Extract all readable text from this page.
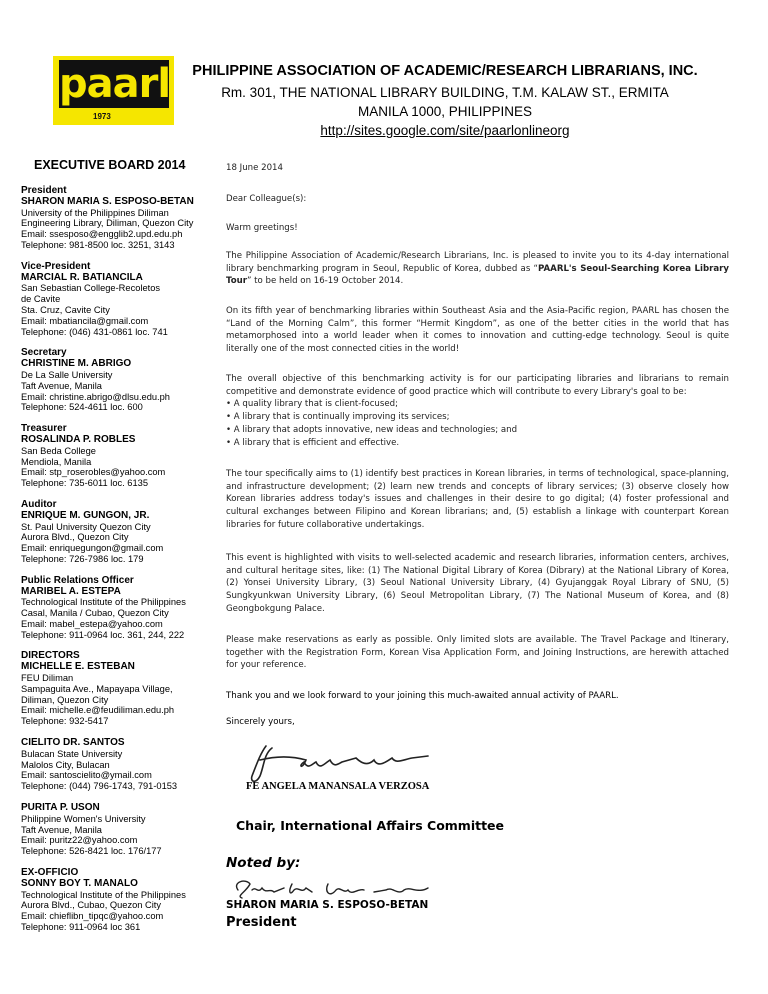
paarl
1973
PHILIPPINE ASSOCIATION OF ACADEMIC/RESEARCH LIBRARIANS, INC.
Rm. 301, THE NATIONAL LIBRARY BUILDING, T.M. KALAW ST., ERMITA
MANILA 1000, PHILIPPINES
http://sites.google.com/site/paarlonlineorg
EXECUTIVE BOARD 2014
President
SHARON MARIA S. ESPOSO-BETAN
University of the Philippines Diliman
Engineering Library, Diliman, Quezon City
Email: ssesposo@engglib2.upd.edu.ph
Telephone: 981-8500 loc. 3251, 3143
Vice-President
MARCIAL R. BATIANCILA
San Sebastian College-Recoletos
de Cavite
Sta. Cruz, Cavite City
Email: mbatiancila@gmail.com
Telephone: (046) 431-0861 loc. 741
Secretary
CHRISTINE M. ABRIGO
De La Salle University
Taft Avenue, Manila
Email: christine.abrigo@dlsu.edu.ph
Telephone: 524-4611 loc. 600
Treasurer
ROSALINDA P. ROBLES
San Beda College
Mendiola, Manila
Email: stp_roserobles@yahoo.com
Telephone: 735-6011 loc. 6135
Auditor
ENRIQUE M. GUNGON, JR.
St. Paul University Quezon City
Aurora Blvd., Quezon City
Email: enriquegungon@gmail.com
Telephone: 726-7986 loc. 179
Public Relations Officer
MARIBEL A. ESTEPA
Technological Institute of the Philippines
Casal, Manila / Cubao, Quezon City
Email: mabel_estepa@yahoo.com
Telephone: 911-0964 loc. 361, 244, 222
DIRECTORS
MICHELLE E. ESTEBAN
FEU Diliman
Sampaguita Ave., Mapayapa Village,
Diliman, Quezon City
Email: michelle.e@feudiliman.edu.ph
Telephone: 932-5417
CIELITO DR. SANTOS
Bulacan State University
Malolos City, Bulacan
Email: santoscielito@ymail.com
Telephone: (044) 796-1743, 791-0153
PURITA P. USON
Philippine Women's University
Taft Avenue, Manila
Email: puritz22@yahoo.com
Telephone: 526-8421 loc. 176/177
EX-OFFICIO
SONNY BOY T. MANALO
Technological Institute of the Philippines
Aurora Blvd., Cubao, Quezon City
Email: chieflibn_tipqc@yahoo.com
Telephone: 911-0964 loc 361
18 June 2014
Dear Colleague(s):
Warm greetings!
The Philippine Association of Academic/Research Librarians, Inc. is pleased to invite you to its 4-day international library benchmarking program in Seoul, Republic of Korea, dubbed as “PAARL's Seoul-Searching Korea Library Tour” to be held on 16-19 October 2014.
On its fifth year of benchmarking libraries within Southeast Asia and the Asia-Pacific region, PAARL has chosen the “Land of the Morning Calm”, this former “Hermit Kingdom”, as one of the better cities in the world that has metamorphosed into a world leader when it comes to innovation and cutting-edge technology. Seoul is quite literally one of the most connected cities in the world!
The overall objective of this benchmarking activity is for our participating libraries and librarians to remain competitive and demonstrate evidence of good practice which will contribute to every Library's goal to be:
• A quality library that is client-focused;
• A library that is continually improving its services;
• A library that adopts innovative, new ideas and technologies; and
• A library that is efficient and effective.
The tour specifically aims to (1) identify best practices in Korean libraries, in terms of technological, space-planning, and infrastructure development; (2) learn new trends and concepts of library services; (3) observe closely how Korean libraries address today's issues and challenges in their desire to go digital; (4) foster professional and cultural exchanges between Filipino and Korean librarians; and, (5) establish a linkage with counterpart Korean libraries for future collaborative undertakings.
This event is highlighted with visits to well-selected academic and research libraries, information centers, archives, and cultural heritage sites, like: (1) The National Digital Library of Korea (Dibrary) at the National Library of Korea, (2) Yonsei University Library, (3) Seoul National University Library, (4) Gyujanggak Royal Library of SNU, (5) Sungkyunkwan University Library, (6) Seoul Metropolitan Library, (7) The National Museum of Korea, and (8) Geongbokgung Palace.
Please make reservations as early as possible. Only limited slots are available. The Travel Package and Itinerary, together with the Registration Form, Korean Visa Application Form, and Joining Instructions, are herewith attached for your reference.
Thank you and we look forward to your joining this much-awaited annual activity of PAARL.
Sincerely yours,
FE ANGELA MANANSALA VERZOSA
Chair, International Affairs Committee
Noted by:
SHARON MARIA S. ESPOSO-BETAN
President
